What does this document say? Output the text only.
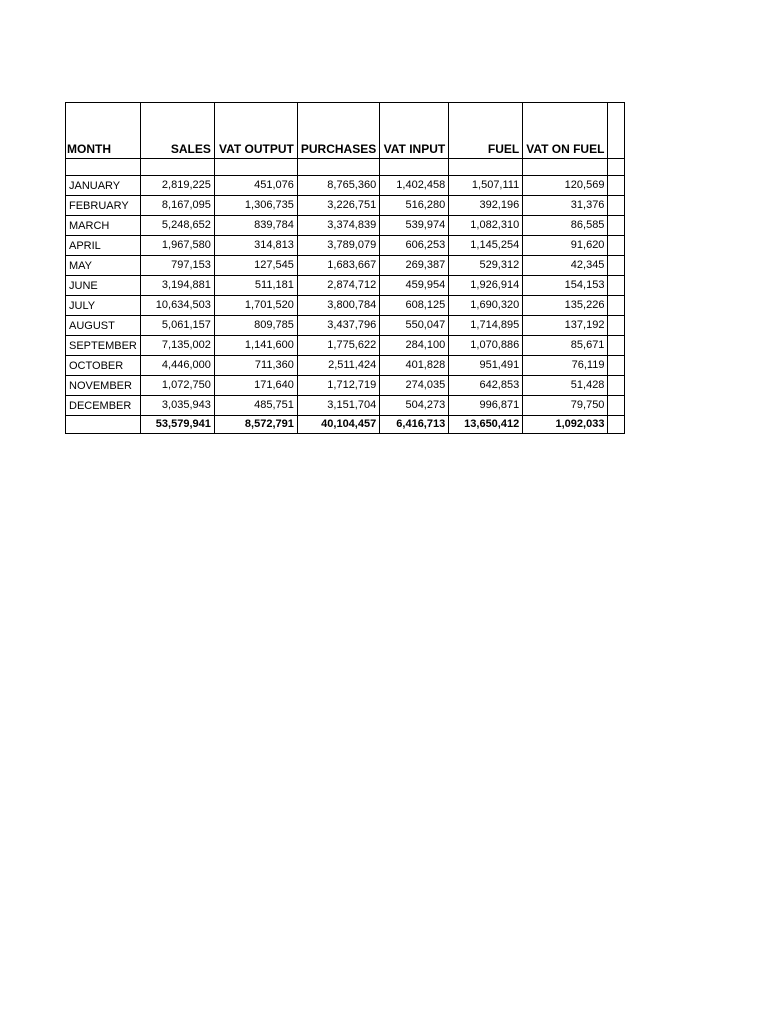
MONTH	SALES	VAT OUTPUT	PURCHASES	VAT INPUT	FUEL	VAT ON FUEL	

JANUARY	2,819,225	451,076	8,765,360	1,402,458	1,507,111	120,569	
FEBRUARY	8,167,095	1,306,735	3,226,751	516,280	392,196	31,376	
MARCH	5,248,652	839,784	3,374,839	539,974	1,082,310	86,585	
APRIL	1,967,580	314,813	3,789,079	606,253	1,145,254	91,620	
MAY	797,153	127,545	1,683,667	269,387	529,312	42,345	
JUNE	3,194,881	511,181	2,874,712	459,954	1,926,914	154,153	
JULY	10,634,503	1,701,520	3,800,784	608,125	1,690,320	135,226	
AUGUST	5,061,157	809,785	3,437,796	550,047	1,714,895	137,192	
SEPTEMBER	7,135,002	1,141,600	1,775,622	284,100	1,070,886	85,671	
OCTOBER	4,446,000	711,360	2,511,424	401,828	951,491	76,119	
NOVEMBER	1,072,750	171,640	1,712,719	274,035	642,853	51,428	
DECEMBER	3,035,943	485,751	3,151,704	504,273	996,871	79,750	
	53,579,941	8,572,791	40,104,457	6,416,713	13,650,412	1,092,033	
